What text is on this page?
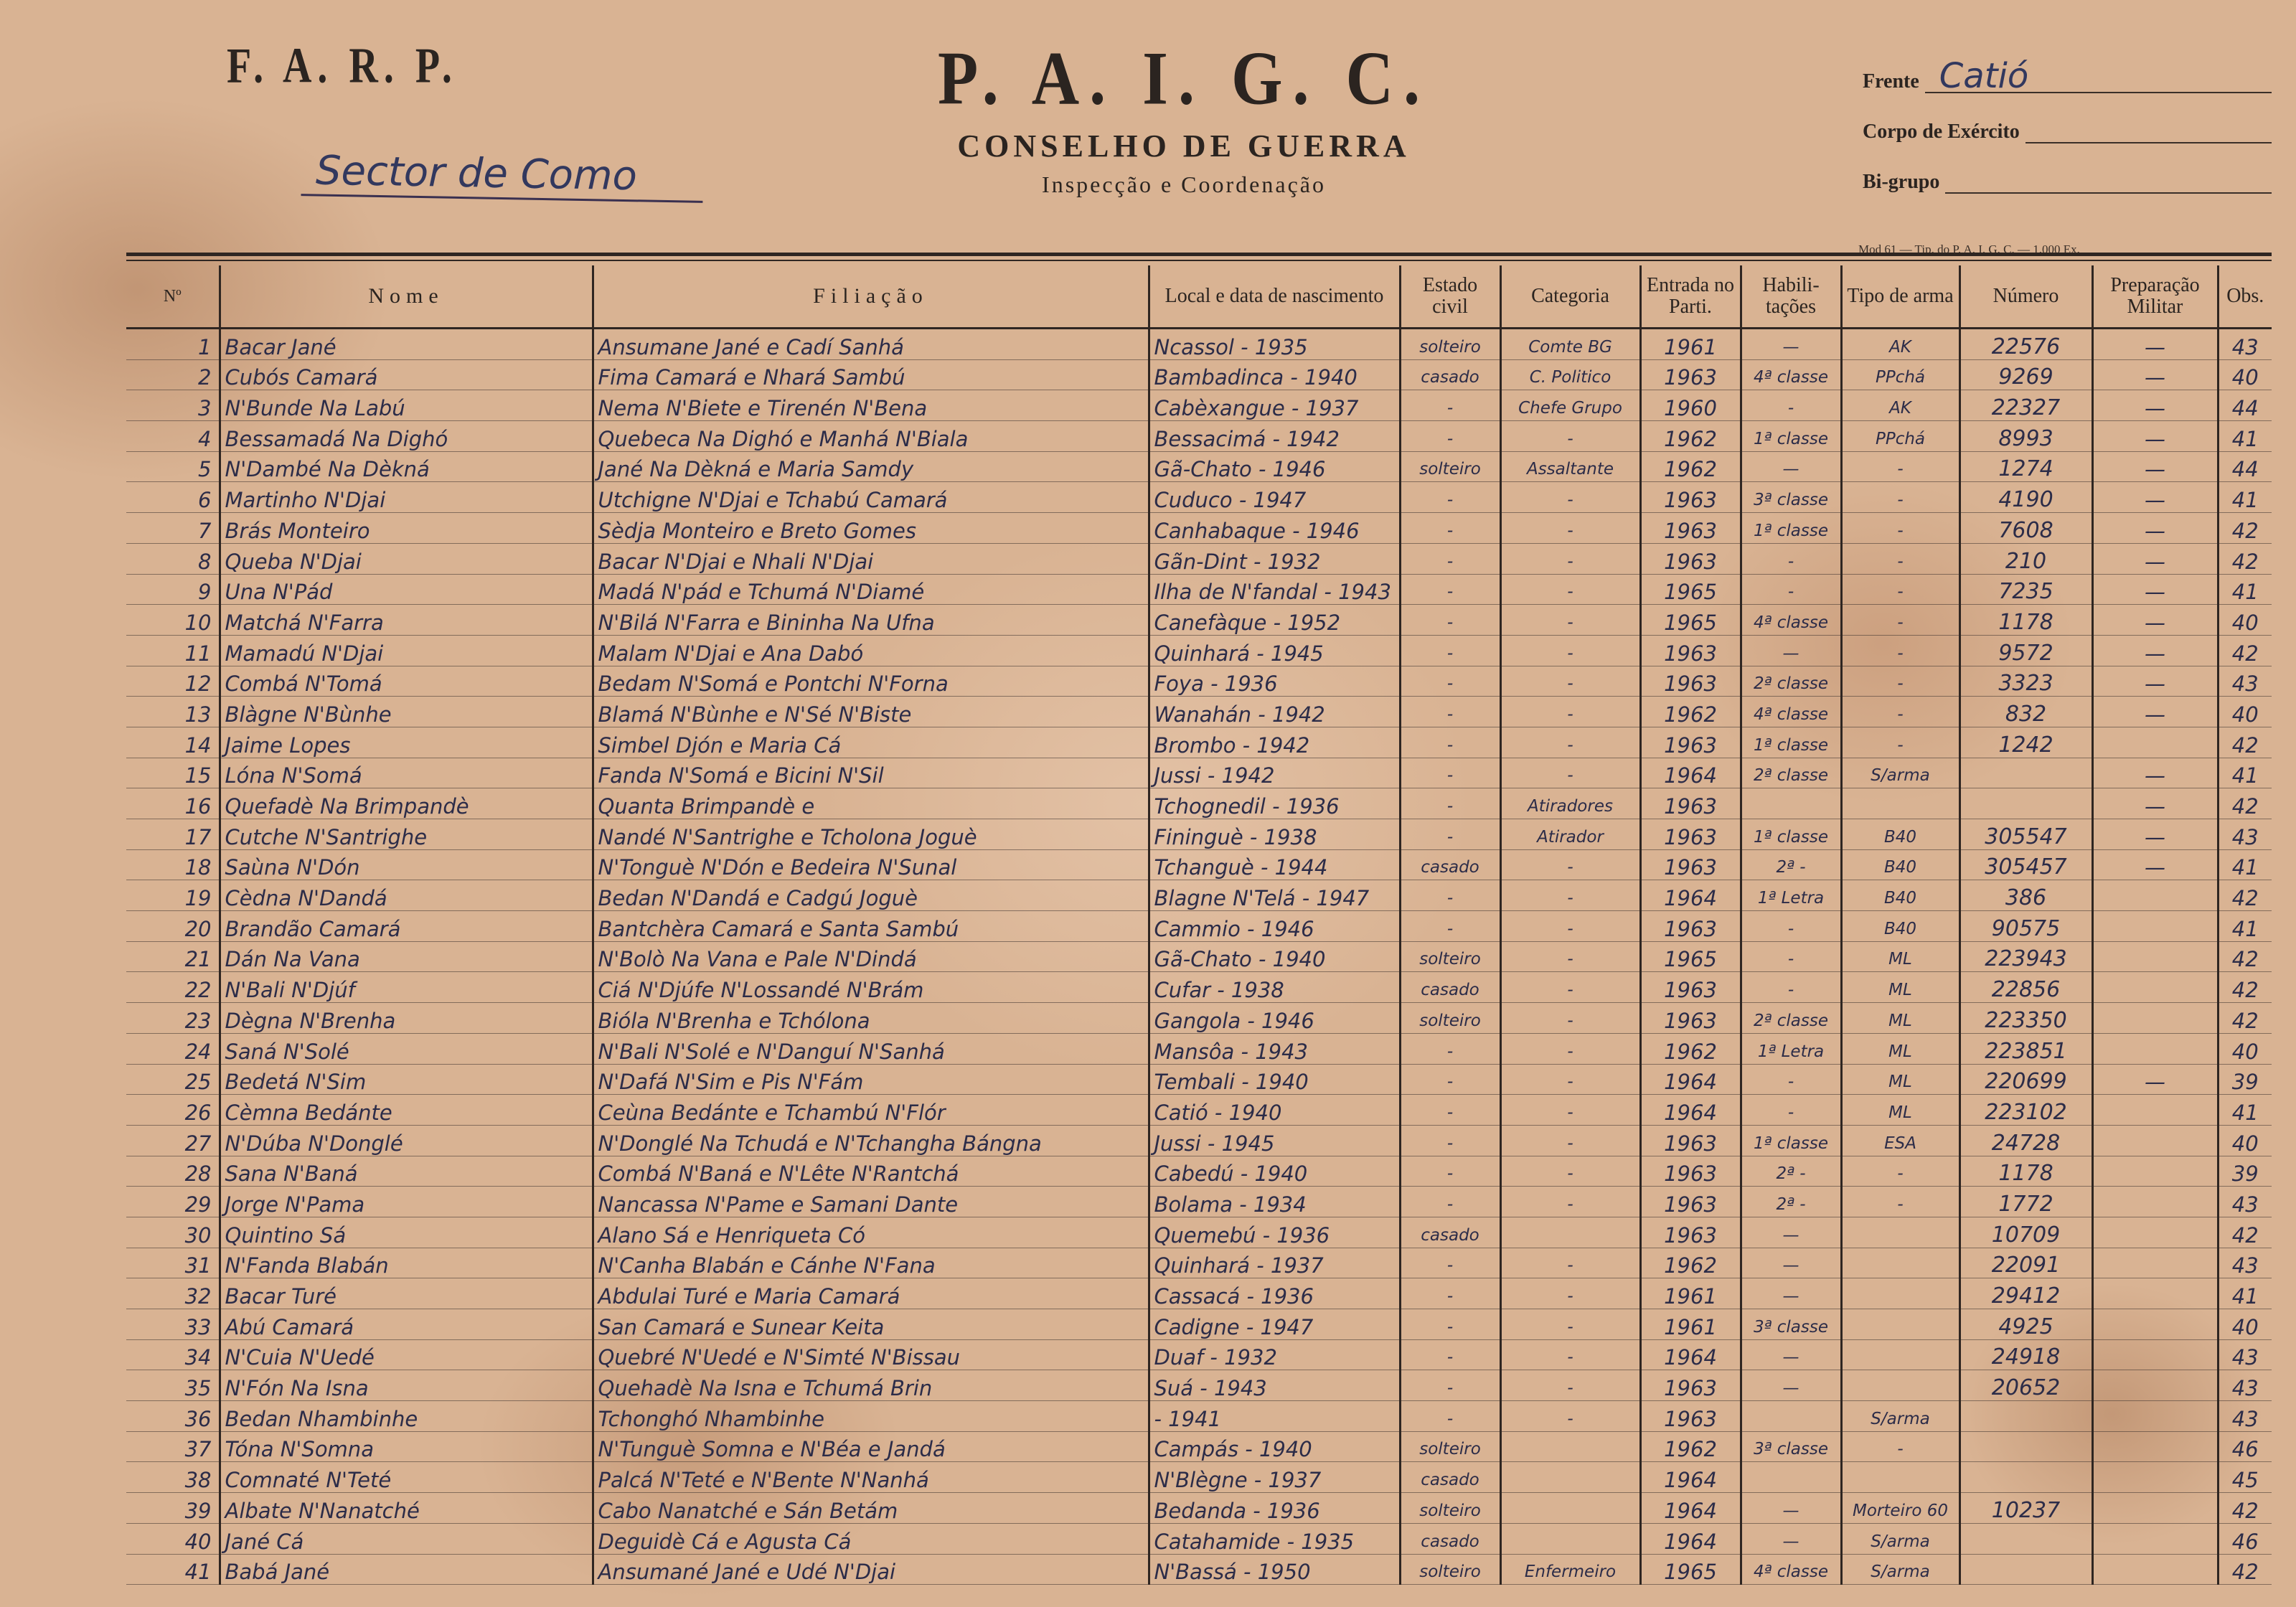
F. A. R. P.	P. A. I. G. C.
CONSELHO DE GUERRA
Inspecção e Coordenação
Sector de Como
Frente Catió
Corpo de Exército
Bi-grupo
Mod 61 — Tip. do P. A. I. G. C. — 1.000 Ex.
Nº	Nome	Filiação	Local e data de nascimento	Estado civil	Categoria	Entrada no Parti.	Habili-tações	Tipo de arma	Número	Preparação Militar	Obs.
1	Bacar Jané	Ansumane Jané e Cadí Sanhá	Ncassol - 1935	solteiro	Comte BG	1961	—	AK	22576	—	43
2	Cubós Camará	Fima Camará e Nhará Sambú	Bambadinca - 1940	casado	C. Politico	1963	4ª classe	PPchá	9269	—	40
3	N'Bunde Na Labú	Nema N'Biete e Tirenén N'Bena	Cabèxangue - 1937	-	Chefe Grupo	1960	-	AK	22327	—	44
4	Bessamadá Na Dighó	Quebeca Na Dighó e Manhá N'Biala	Bessacimá - 1942	-	-	1962	1ª classe	PPchá	8993	—	41
5	N'Dambé Na Dèkná	Jané Na Dèkná e Maria Samdy	Gã-Chato - 1946	solteiro	Assaltante	1962	—	-	1274	—	44
6	Martinho N'Djai	Utchigne N'Djai e Tchabú Camará	Cuduco - 1947	-	-	1963	3ª classe	-	4190	—	41
7	Brás Monteiro	Sèdja Monteiro e Breto Gomes	Canhabaque - 1946	-	-	1963	1ª classe	-	7608	—	42
8	Queba N'Djai	Bacar N'Djai e Nhali N'Djai	Gãn-Dint - 1932	-	-	1963	-	-	210	—	42
9	Una N'Pád	Madá N'pád e Tchumá N'Diamé	Ilha de N'fandal - 1943	-	-	1965	-	-	7235	—	41
10	Matchá N'Farra	N'Bilá N'Farra e Bininha Na Ufna	Canefàque - 1952	-	-	1965	4ª classe	-	1178	—	40
11	Mamadú N'Djai	Malam N'Djai e Ana Dabó	Quinhará - 1945	-	-	1963	—	-	9572	—	42
12	Combá N'Tomá	Bedam N'Somá e Pontchi N'Forna	Foya - 1936	-	-	1963	2ª classe	-	3323	—	43
13	Blàgne N'Bùnhe	Blamá N'Bùnhe e N'Sé N'Biste	Wanahán - 1942	-	-	1962	4ª classe	-	832	—	40
14	Jaime Lopes	Simbel Djón e Maria Cá	Brombo - 1942	-	-	1963	1ª classe	-	1242		42
15	Lóna N'Somá	Fanda N'Somá e Bicini N'Sil	Jussi - 1942	-	-	1964	2ª classe	S/arma		—	41
16	Quefadè Na Brimpandè	Quanta Brimpandè e	Tchognedil - 1936	-	Atiradores	1963				—	42
17	Cutche N'Santrighe	Nandé N'Santrighe e Tcholona Joguè	Fininguè - 1938	-	Atirador	1963	1ª classe	B40	305547	—	43
18	Saùna N'Dón	N'Tonguè N'Dón e Bedeira N'Sunal	Tchanguè - 1944	casado	-	1963	2ª -	B40	305457	—	41
19	Cèdna N'Dandá	Bedan N'Dandá e Cadgú Joguè	Blagne N'Telá - 1947	-	-	1964	1ª Letra	B40	386		42
20	Brandão Camará	Bantchèra Camará e Santa Sambú	Cammio - 1946	-	-	1963	-	B40	90575		41
21	Dán Na Vana	N'Bolò Na Vana e Pale N'Dindá	Gã-Chato - 1940	solteiro	-	1965	-	ML	223943		42
22	N'Bali N'Djúf	Ciá N'Djúfe N'Lossandé N'Brám	Cufar - 1938	casado	-	1963	-	ML	22856		42
23	Dègna N'Brenha	Bióla N'Brenha e Tchólona	Gangola - 1946	solteiro	-	1963	2ª classe	ML	223350		42
24	Saná N'Solé	N'Bali N'Solé e N'Danguí N'Sanhá	Mansôa - 1943	-	-	1962	1ª Letra	ML	223851		40
25	Bedetá N'Sim	N'Dafá N'Sim e Pis N'Fám	Tembali - 1940	-	-	1964	-	ML	220699	—	39
26	Cèmna Bedánte	Ceùna Bedánte e Tchambú N'Flór	Catió - 1940	-	-	1964	-	ML	223102		41
27	N'Dúba N'Donglé	N'Donglé Na Tchudá e N'Tchangha Bángna	Jussi - 1945	-	-	1963	1ª classe	ESA	24728		40
28	Sana N'Baná	Combá N'Baná e N'Lête N'Rantchá	Cabedú - 1940	-	-	1963	2ª -	-	1178		39
29	Jorge N'Pama	Nancassa N'Pame e Samani Dante	Bolama - 1934	-	-	1963	2ª -	-	1772		43
30	Quintino Sá	Alano Sá e Henriqueta Có	Quemebú - 1936	casado		1963	—		10709		42
31	N'Fanda Blabán	N'Canha Blabán e Cánhe N'Fana	Quinhará - 1937	-	-	1962	—		22091		43
32	Bacar Turé	Abdulai Turé e Maria Camará	Cassacá - 1936	-	-	1961	—		29412		41
33	Abú Camará	San Camará e Sunear Keita	Cadigne - 1947	-	-	1961	3ª classe		4925		40
34	N'Cuia N'Uedé	Quebré N'Uedé e N'Simté N'Bissau	Duaf - 1932	-	-	1964	—		24918		43
35	N'Fón Na Isna	Quehadè Na Isna e Tchumá Brin	Suá - 1943	-	-	1963	—		20652		43
36	Bedan Nhambinhe	Tchonghó Nhambinhe	- 1941	-	-	1963		S/arma			43
37	Tóna N'Somna	N'Tunguè Somna e N'Béa e Jandá	Campás - 1940	solteiro		1962	3ª classe	-			46
38	Comnaté N'Teté	Palcá N'Teté e N'Bente N'Nanhá	N'Blègne - 1937	casado		1964					45
39	Albate N'Nanatché	Cabo Nanatché e Sán Betám	Bedanda - 1936	solteiro		1964	—	Morteiro 60	10237		42
40	Jané Cá	Deguidè Cá e Agusta Cá	Catahamide - 1935	casado		1964	—	S/arma			46
41	Babá Jané	Ansumané Jané e Udé N'Djai	N'Bassá - 1950	solteiro	Enfermeiro	1965	4ª classe	S/arma			42
